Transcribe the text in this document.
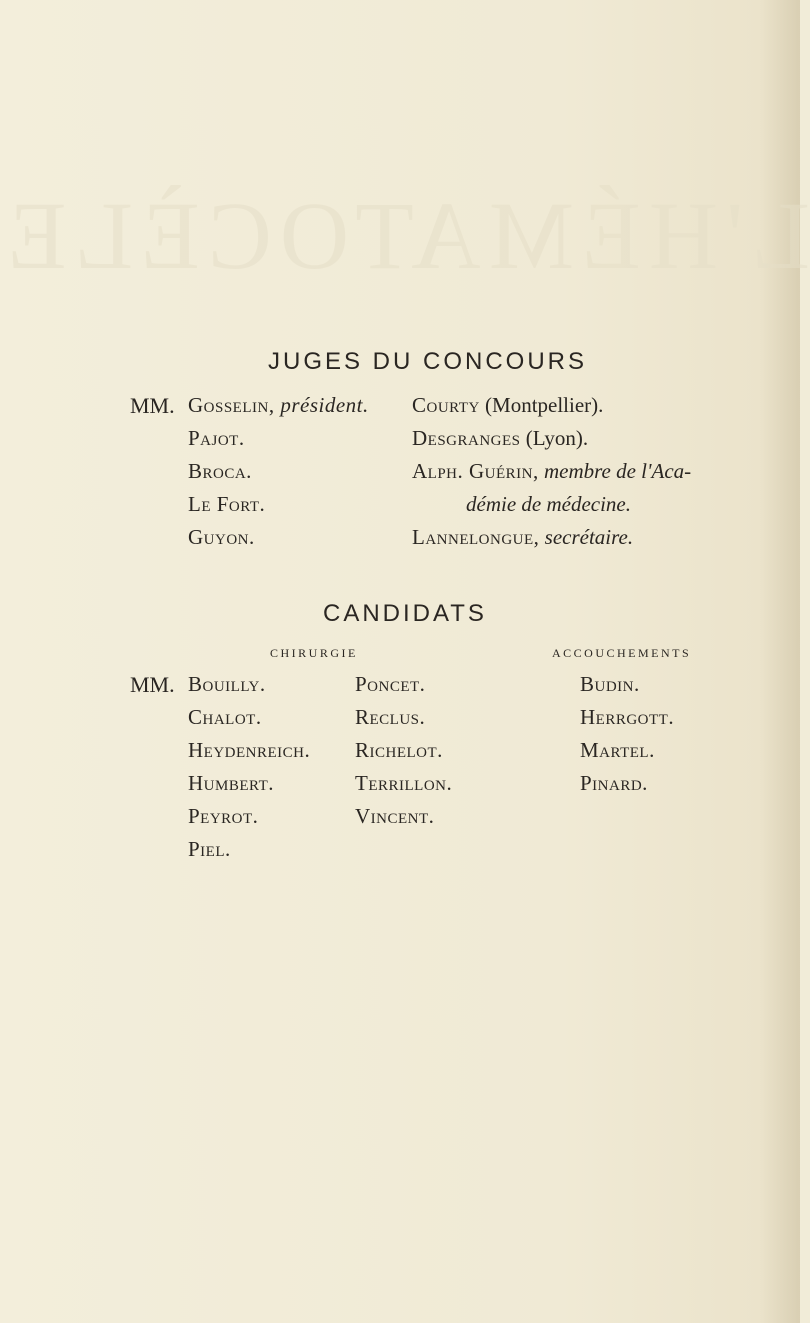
L'HÉMATOCÈLE
JUGES DU CONCOURS
MM. Gosselin, président.
Pajot.
Broca.
Le Fort.
Guyon.
Courty (Montpellier).
Desgranges (Lyon).
Alph. Guérin, membre de l'Aca-
démie de médecine.
Lannelongue, secrétaire.
CANDIDATS
CHIRURGIE	ACCOUCHEMENTS
MM. Bouilly.
Chalot.
Heydenreich.
Humbert.
Peyrot.
Piel.
Poncet.
Reclus.
Richelot.
Terrillon.
Vincent.
Budin.
Herrgott.
Martel.
Pinard.
